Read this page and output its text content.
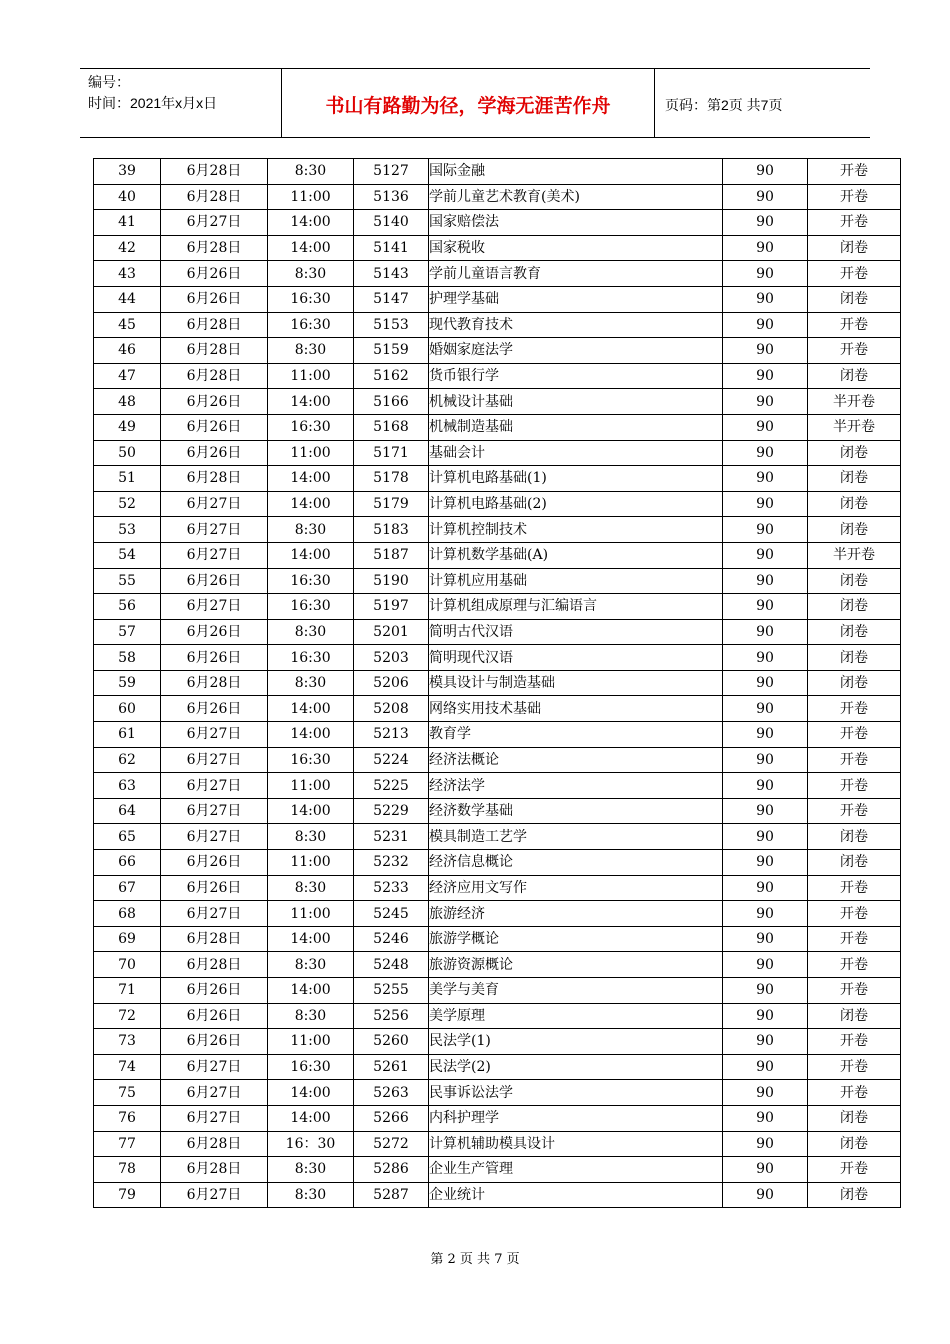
编号：
时间：2021年x月x日	书山有路勤为径，学海无涯苦作舟	页码：第2页 共7页
39	6月28日	8:30	5127	国际金融	90	开卷
40	6月28日	11:00	5136	学前儿童艺术教育(美术)	90	开卷
41	6月27日	14:00	5140	国家赔偿法	90	开卷
42	6月28日	14:00	5141	国家税收	90	闭卷
43	6月26日	8:30	5143	学前儿童语言教育	90	开卷
44	6月26日	16:30	5147	护理学基础	90	闭卷
45	6月28日	16:30	5153	现代教育技术	90	开卷
46	6月28日	8:30	5159	婚姻家庭法学	90	开卷
47	6月28日	11:00	5162	货币银行学	90	闭卷
48	6月26日	14:00	5166	机械设计基础	90	半开卷
49	6月26日	16:30	5168	机械制造基础	90	半开卷
50	6月26日	11:00	5171	基础会计	90	闭卷
51	6月28日	14:00	5178	计算机电路基础(1)	90	闭卷
52	6月27日	14:00	5179	计算机电路基础(2)	90	闭卷
53	6月27日	8:30	5183	计算机控制技术	90	闭卷
54	6月27日	14:00	5187	计算机数学基础(A)	90	半开卷
55	6月26日	16:30	5190	计算机应用基础	90	闭卷
56	6月27日	16:30	5197	计算机组成原理与汇编语言	90	闭卷
57	6月26日	8:30	5201	简明古代汉语	90	闭卷
58	6月26日	16:30	5203	简明现代汉语	90	闭卷
59	6月28日	8:30	5206	模具设计与制造基础	90	闭卷
60	6月26日	14:00	5208	网络实用技术基础	90	开卷
61	6月27日	14:00	5213	教育学	90	开卷
62	6月27日	16:30	5224	经济法概论	90	开卷
63	6月27日	11:00	5225	经济法学	90	开卷
64	6月27日	14:00	5229	经济数学基础	90	开卷
65	6月27日	8:30	5231	模具制造工艺学	90	闭卷
66	6月26日	11:00	5232	经济信息概论	90	闭卷
67	6月26日	8:30	5233	经济应用文写作	90	开卷
68	6月27日	11:00	5245	旅游经济	90	开卷
69	6月28日	14:00	5246	旅游学概论	90	开卷
70	6月28日	8:30	5248	旅游资源概论	90	开卷
71	6月26日	14:00	5255	美学与美育	90	开卷
72	6月26日	8:30	5256	美学原理	90	闭卷
73	6月26日	11:00	5260	民法学(1)	90	开卷
74	6月27日	16:30	5261	民法学(2)	90	开卷
75	6月27日	14:00	5263	民事诉讼法学	90	开卷
76	6月27日	14:00	5266	内科护理学	90	闭卷
77	6月28日	16：30	5272	计算机辅助模具设计	90	闭卷
78	6月28日	8:30	5286	企业生产管理	90	开卷
79	6月27日	8:30	5287	企业统计	90	闭卷
第 2 页 共 7 页
